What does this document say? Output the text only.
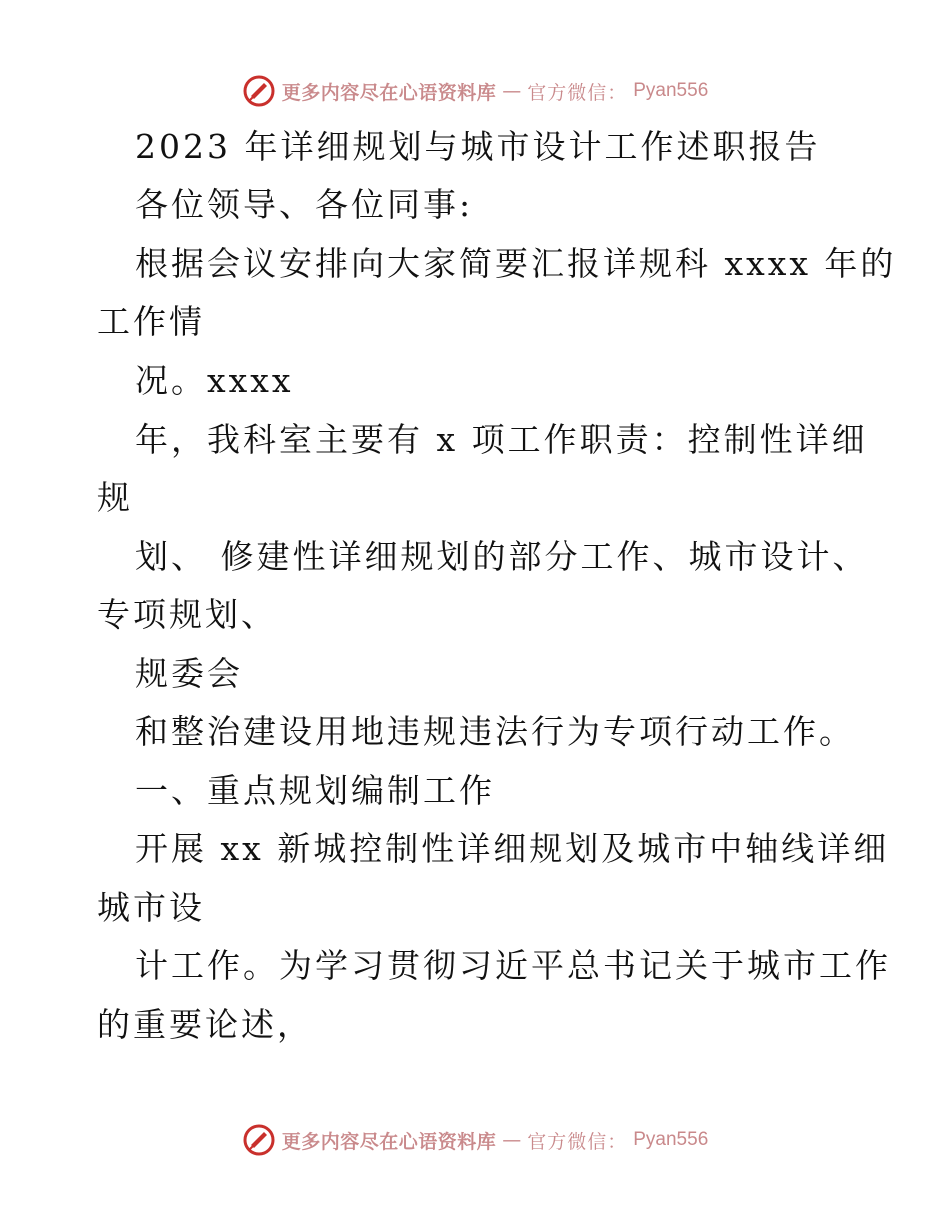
更多内容尽在心语资料库 — 官方微信： Pyan556
2023 年详细规划与城市设计工作述职报告
各位领导、各位同事:
根据会议安排向大家简要汇报详规科 xxxx 年的
工作情
况。xxxx
年，我科室主要有 x 项工作职责：控制性详细
规
划、 修建性详细规划的部分工作、城市设计、
专项规划、
规委会
和整治建设用地违规违法行为专项行动工作。
一、重点规划编制工作
开展 xx 新城控制性详细规划及城市中轴线详细
城市设
计工作。为学习贯彻习近平总书记关于城市工作
的重要论述，
更多内容尽在心语资料库 — 官方微信： Pyan556
